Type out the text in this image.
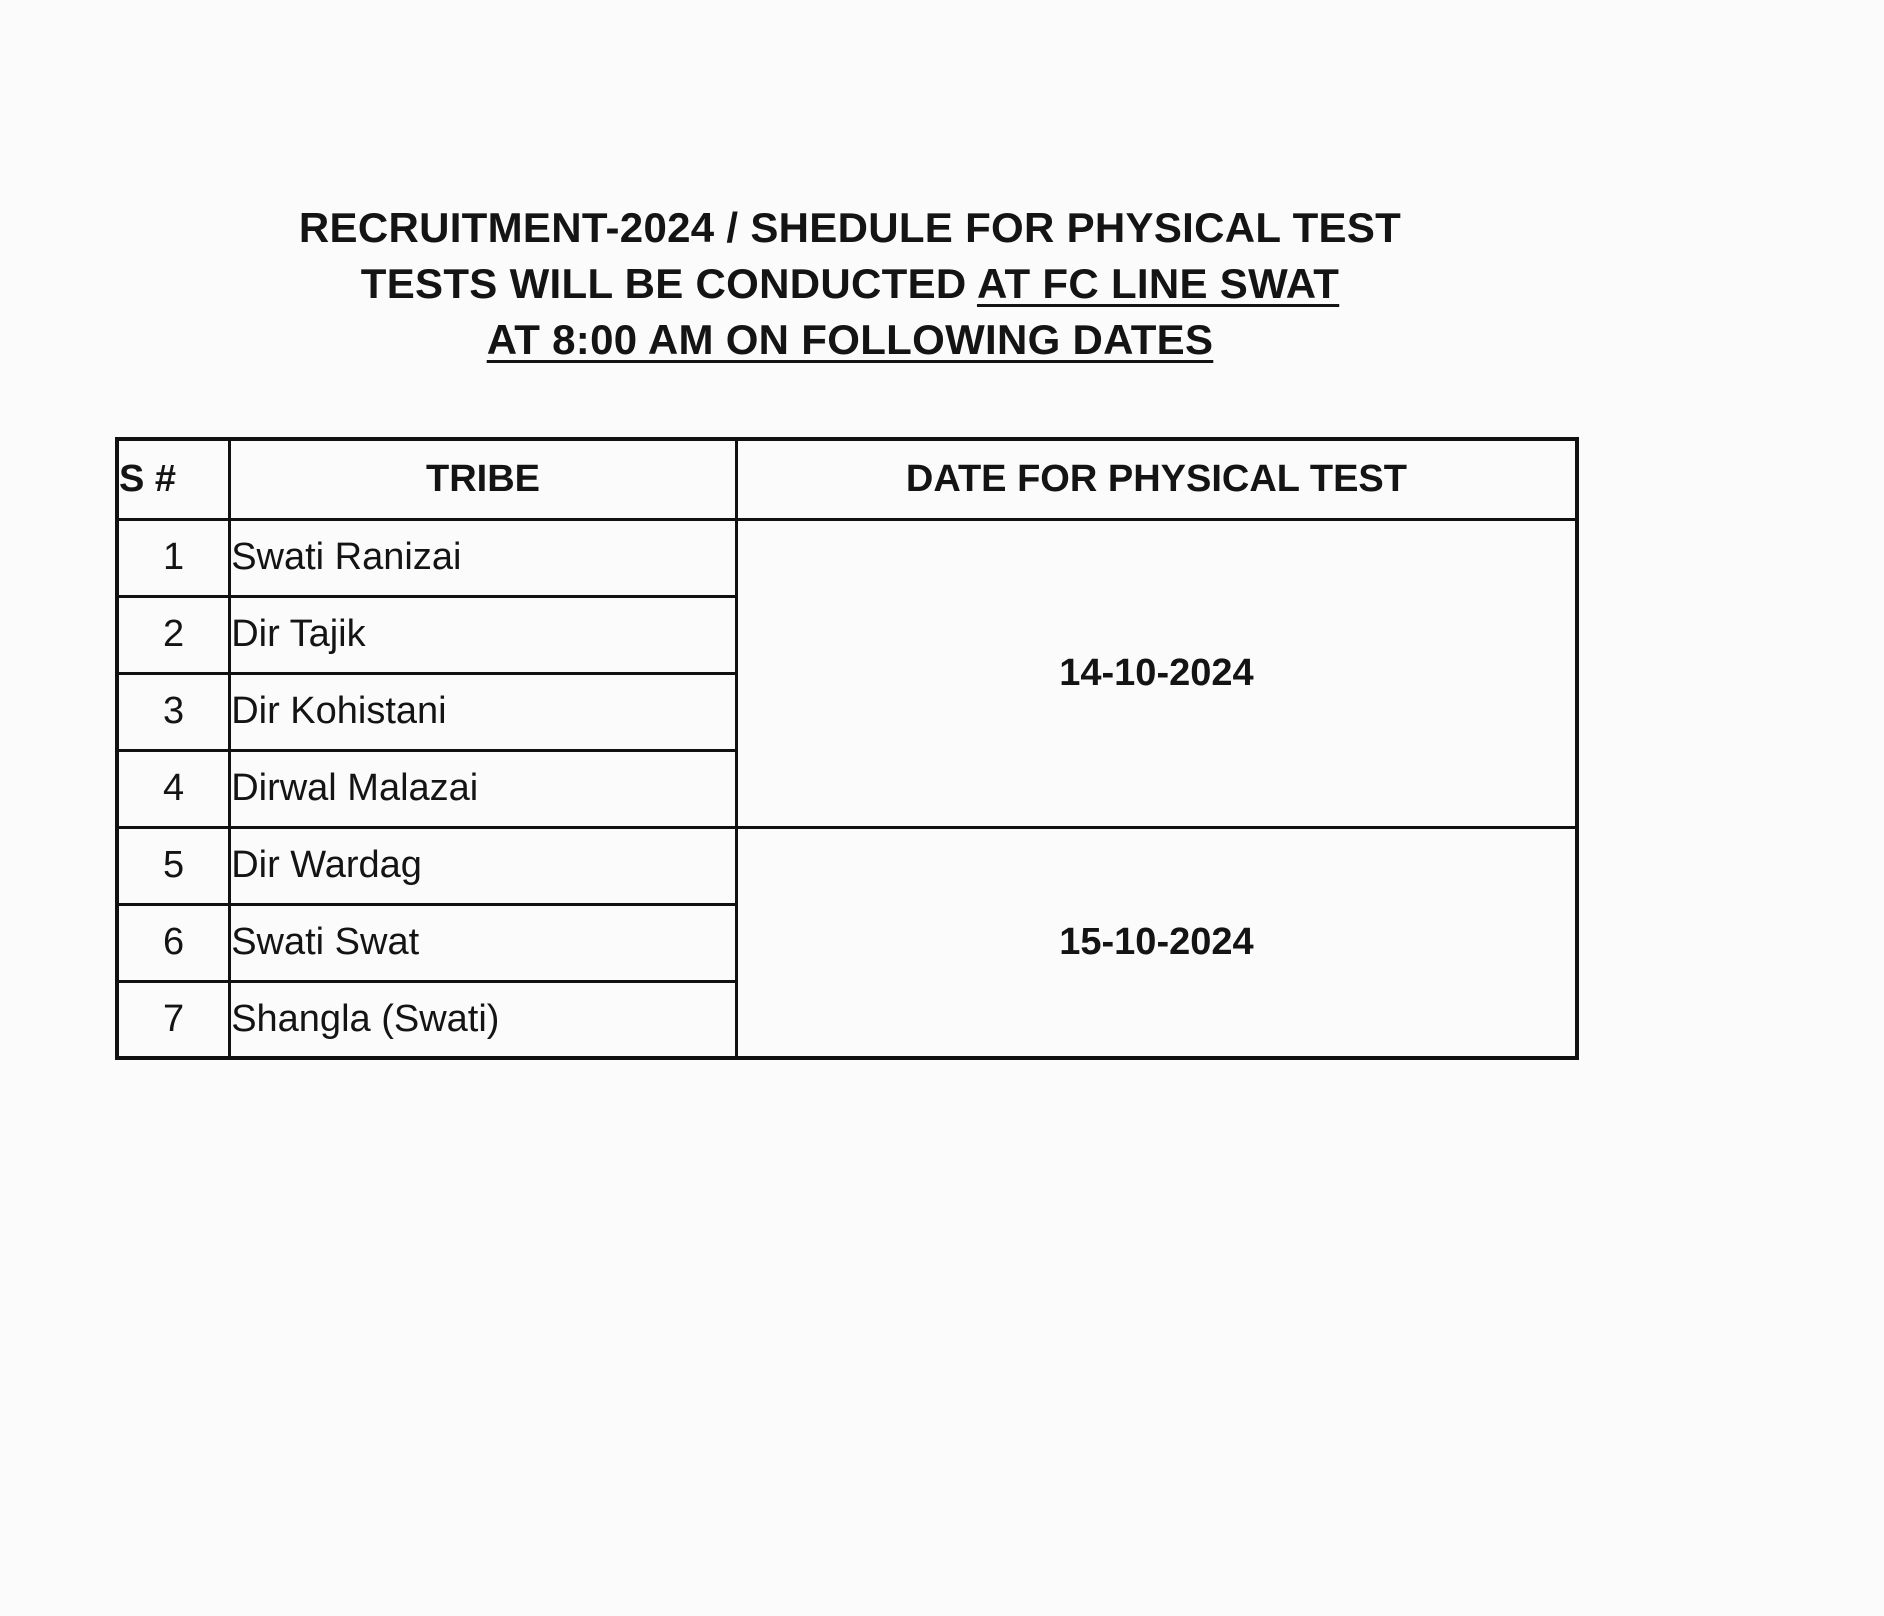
RECRUITMENT-2024 / SHEDULE FOR PHYSICAL TEST
TESTS WILL BE CONDUCTED AT FC LINE SWAT
AT 8:00 AM ON FOLLOWING DATES
S #	TRIBE	DATE FOR PHYSICAL TEST
1	Swati Ranizai	14-10-2024
2	Dir Tajik	
3	Dir Kohistani	
4	Dirwal Malazai	
5	Dir Wardag	15-10-2024
6	Swati Swat	
7	Shangla (Swati)	
